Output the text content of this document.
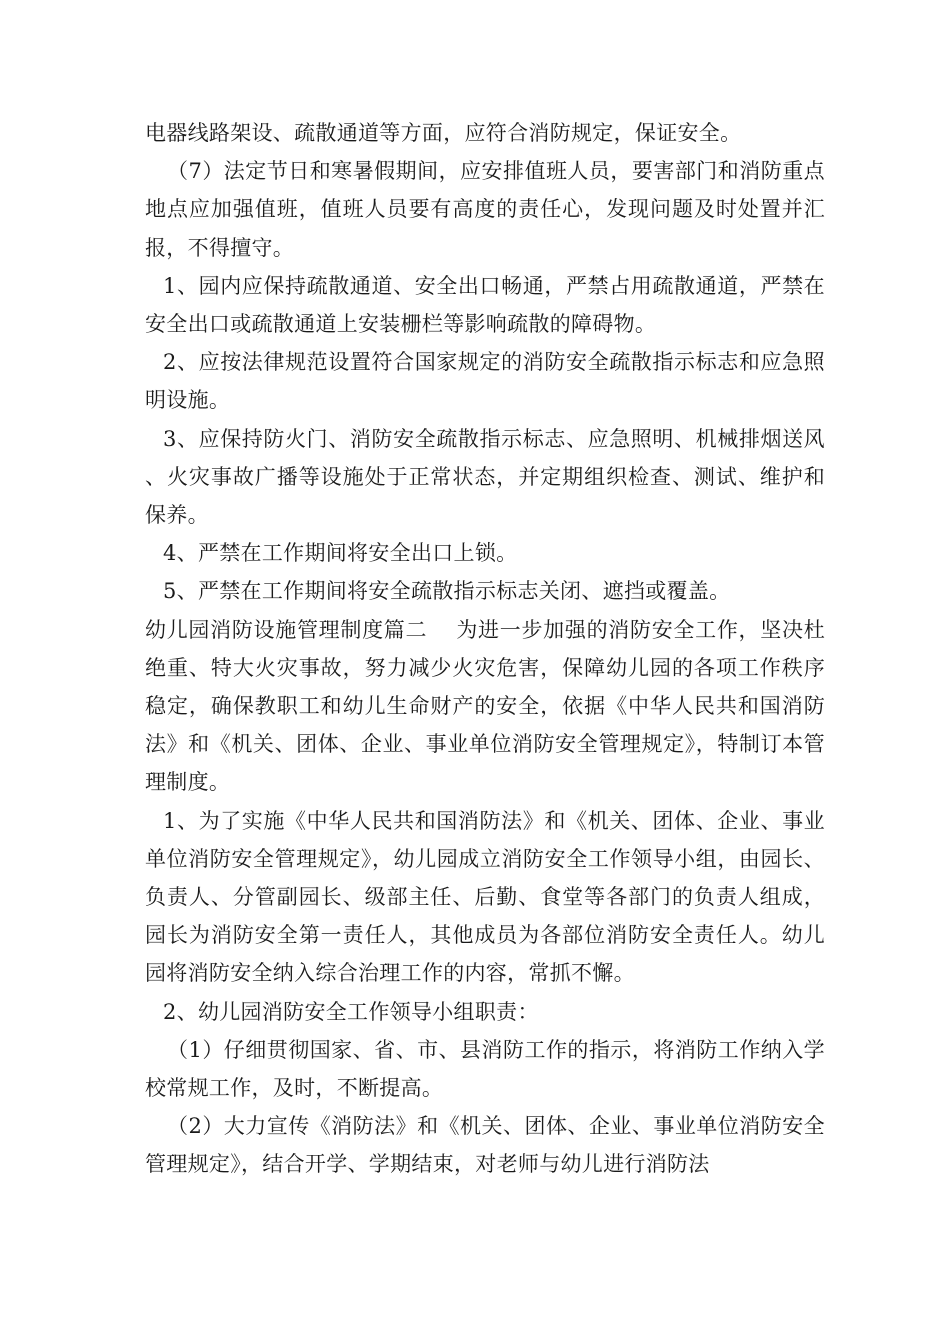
电器线路架设、疏散通道等方面，应符合消防规定，保证安全。

（7）法定节日和寒暑假期间，应安排值班人员，要害部门和消防重点地点应加强值班，值班人员要有高度的责任心，发现问题及时处置并汇报，不得擅守。

1、园内应保持疏散通道、安全出口畅通，严禁占用疏散通道，严禁在安全出口或疏散通道上安装栅栏等影响疏散的障碍物。

2、应按法律规范设置符合国家规定的消防安全疏散指示标志和应急照明设施。

3、应保持防火门、消防安全疏散指示标志、应急照明、机械排烟送风、火灾事故广播等设施处于正常状态，并定期组织检查、测试、维护和保养。

4、严禁在工作期间将安全出口上锁。

5、严禁在工作期间将安全疏散指示标志关闭、遮挡或覆盖。

幼儿园消防设施管理制度篇二　 为进一步加强的消防安全工作，坚决杜绝重、特大火灾事故，努力减少火灾危害，保障幼儿园的各项工作秩序稳定，确保教职工和幼儿生命财产的安全，依据《中华人民共和国消防法》和《机关、团体、企业、事业单位消防安全管理规定》，特制订本管理制度。

1、为了实施《中华人民共和国消防法》和《机关、团体、企业、事业单位消防安全管理规定》，幼儿园成立消防安全工作领导小组，由园长、负责人、分管副园长、级部主任、后勤、食堂等各部门的负责人组成，园长为消防安全第一责任人，其他成员为各部位消防安全责任人。幼儿园将消防安全纳入综合治理工作的内容，常抓不懈。

2、幼儿园消防安全工作领导小组职责：

（1）仔细贯彻国家、省、市、县消防工作的指示，将消防工作纳入学校常规工作，及时，不断提高。

（2）大力宣传《消防法》和《机关、团体、企业、事业单位消防安全管理规定》，结合开学、学期结束，对老师与幼儿进行消防法
